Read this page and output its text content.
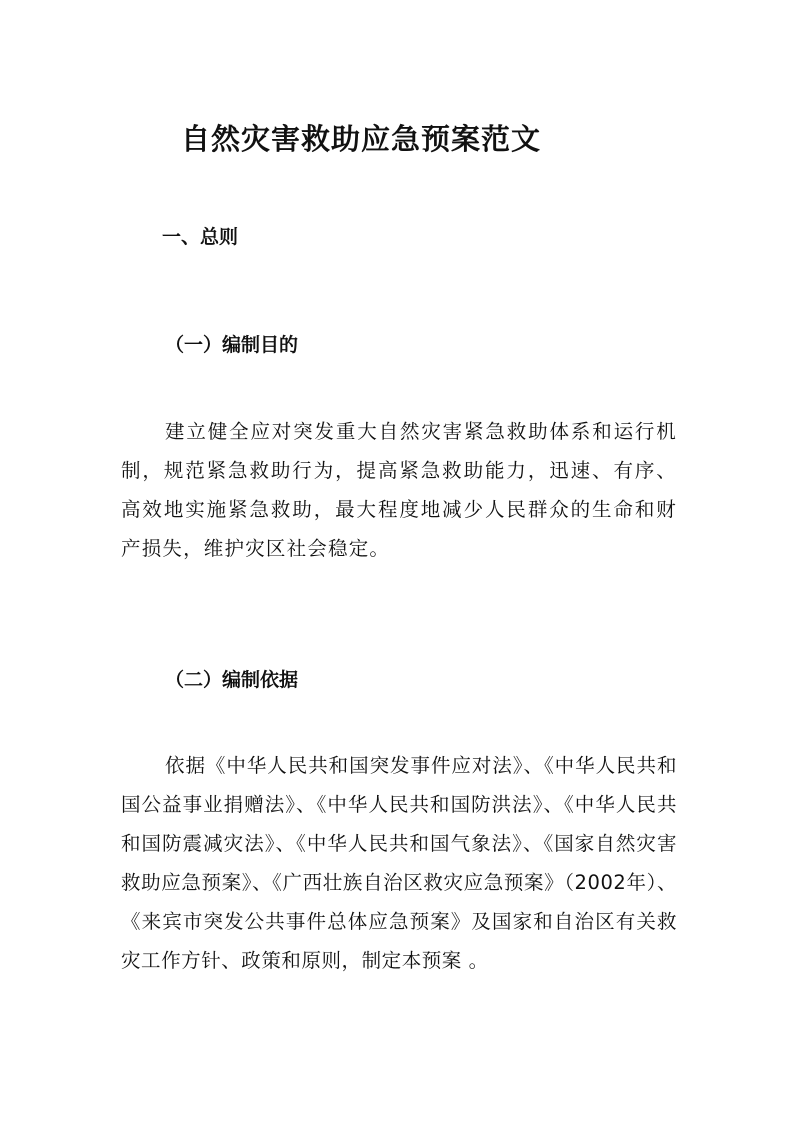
自然灾害救助应急预案范文
一、总则
（一）编制目的

建立健全应对突发重大自然灾害紧急救助体系和运行机制，规范紧急救助行为，提高紧急救助能力，迅速、有序、高效地实施紧急救助，最大程度地减少人民群众的生命和财产损失，维护灾区社会稳定。

（二）编制依据

依据《中华人民共和国突发事件应对法》、《中华人民共和国公益事业捐赠法》、《中华人民共和国防洪法》、《中华人民共和国防震减灾法》、《中华人民共和国气象法》、《国家自然灾害救助应急预案》、《广西壮族自治区救灾应急预案》（2002年）、《来宾市突发公共事件总体应急预案》及国家和自治区有关救灾工作方针、政策和原则，制定本预案 。
